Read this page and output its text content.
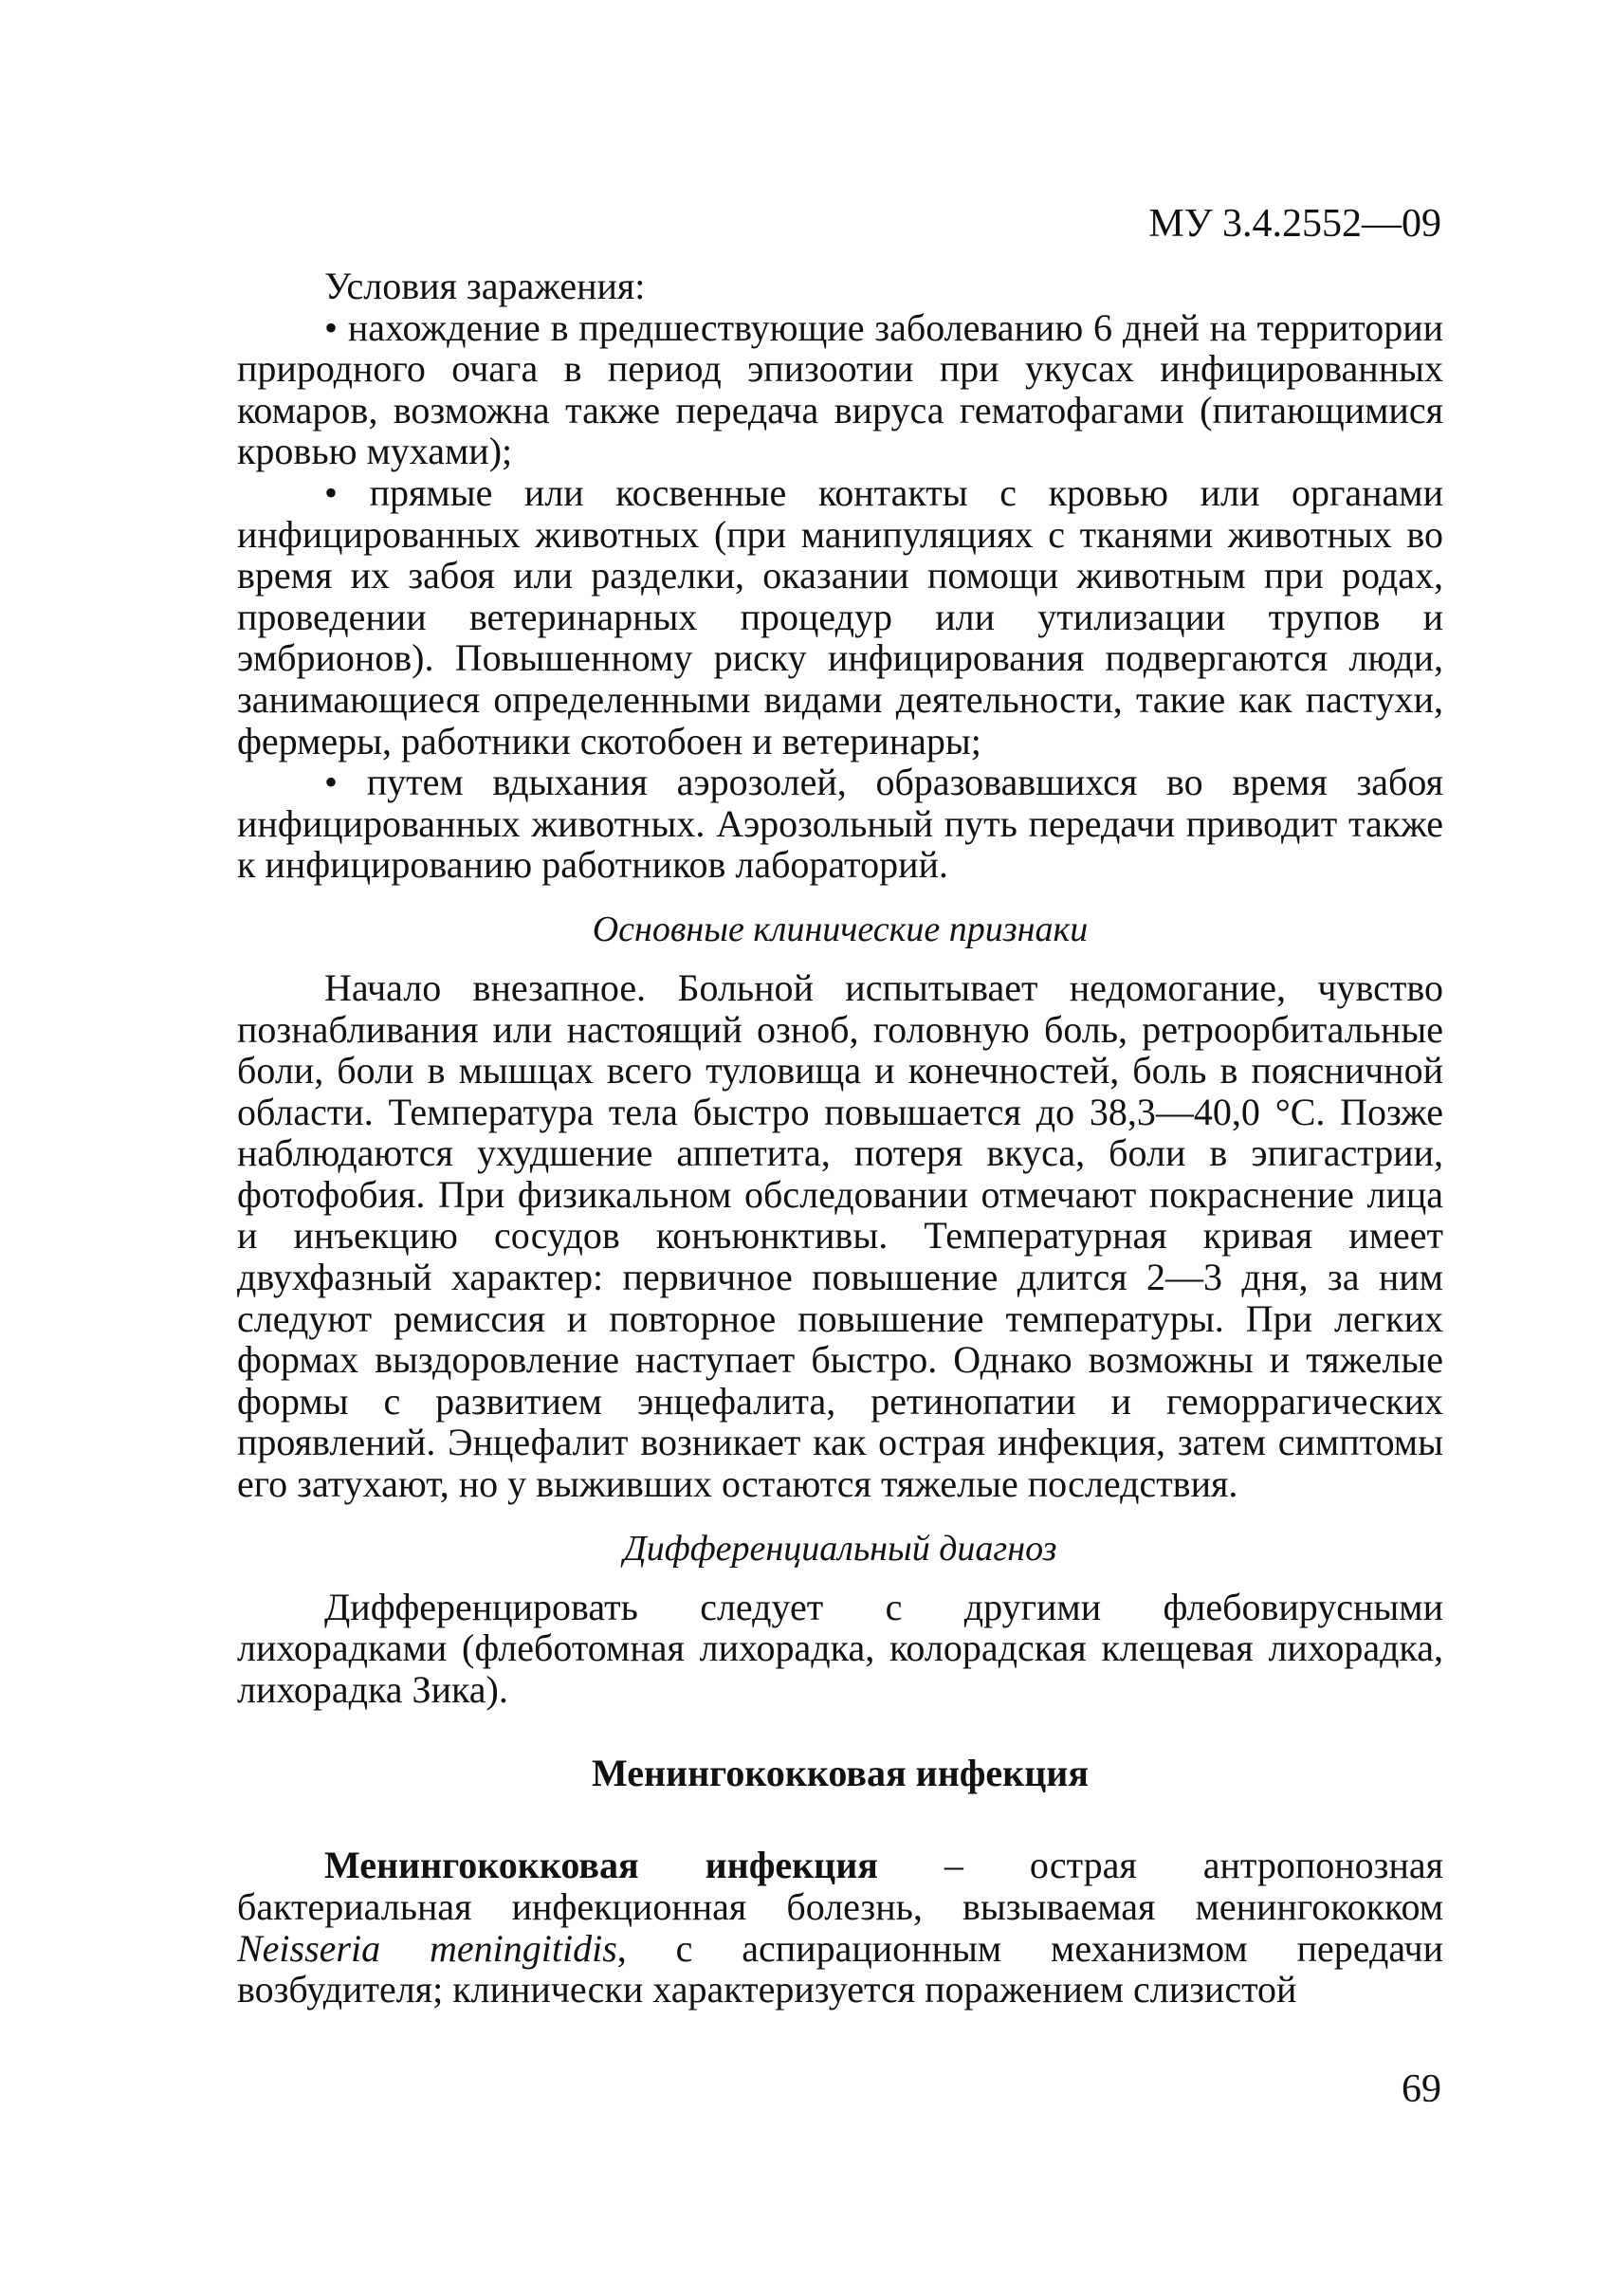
МУ 3.4.2552—09

Условия заражения:

• нахождение в предшествующие заболеванию 6 дней на территории природного очага в период эпизоотии при укусах инфицированных комаров, возможна также передача вируса гематофагами (питающимися кровью мухами);

• прямые или косвенные контакты с кровью или органами инфицированных животных (при манипуляциях с тканями животных во время их забоя или разделки, оказании помощи животным при родах, проведении ветеринарных процедур или утилизации трупов и эмбрионов). Повышенному риску инфицирования подвергаются люди, занимающиеся определенными видами деятельности, такие как пастухи, фермеры, работники скотобоен и ветеринары;

• путем вдыхания аэрозолей, образовавшихся во время забоя инфицированных животных. Аэрозольный путь передачи приводит также к инфицированию работников лабораторий.

Основные клинические признаки

Начало внезапное. Больной испытывает недомогание, чувство познабливания или настоящий озноб, головную боль, ретроорбитальные боли, боли в мышцах всего туловища и конечностей, боль в поясничной области. Температура тела быстро повышается до 38,3—40,0 °С. Позже наблюдаются ухудшение аппетита, потеря вкуса, боли в эпигастрии, фотофобия. При физикальном обследовании отмечают покраснение лица и инъекцию сосудов конъюнктивы. Температурная кривая имеет двухфазный характер: первичное повышение длится 2—3 дня, за ним следуют ремиссия и повторное повышение температуры. При легких формах выздоровление наступает быстро. Однако возможны и тяжелые формы с развитием энцефалита, ретинопатии и геморрагических проявлений. Энцефалит возникает как острая инфекция, затем симптомы его затухают, но у выживших остаются тяжелые последствия.

Дифференциальный диагноз

Дифференцировать следует с другими флебовирусными лихорадками (флеботомная лихорадка, колорадская клещевая лихорадка, лихорадка Зика).

Менингококковая инфекция

Менингококковая инфекция – острая антропонозная бактериальная инфекционная болезнь, вызываемая менингококком Neisseria meningitidis, с аспирационным механизмом передачи возбудителя; клинически характеризуется поражением слизистой

69
